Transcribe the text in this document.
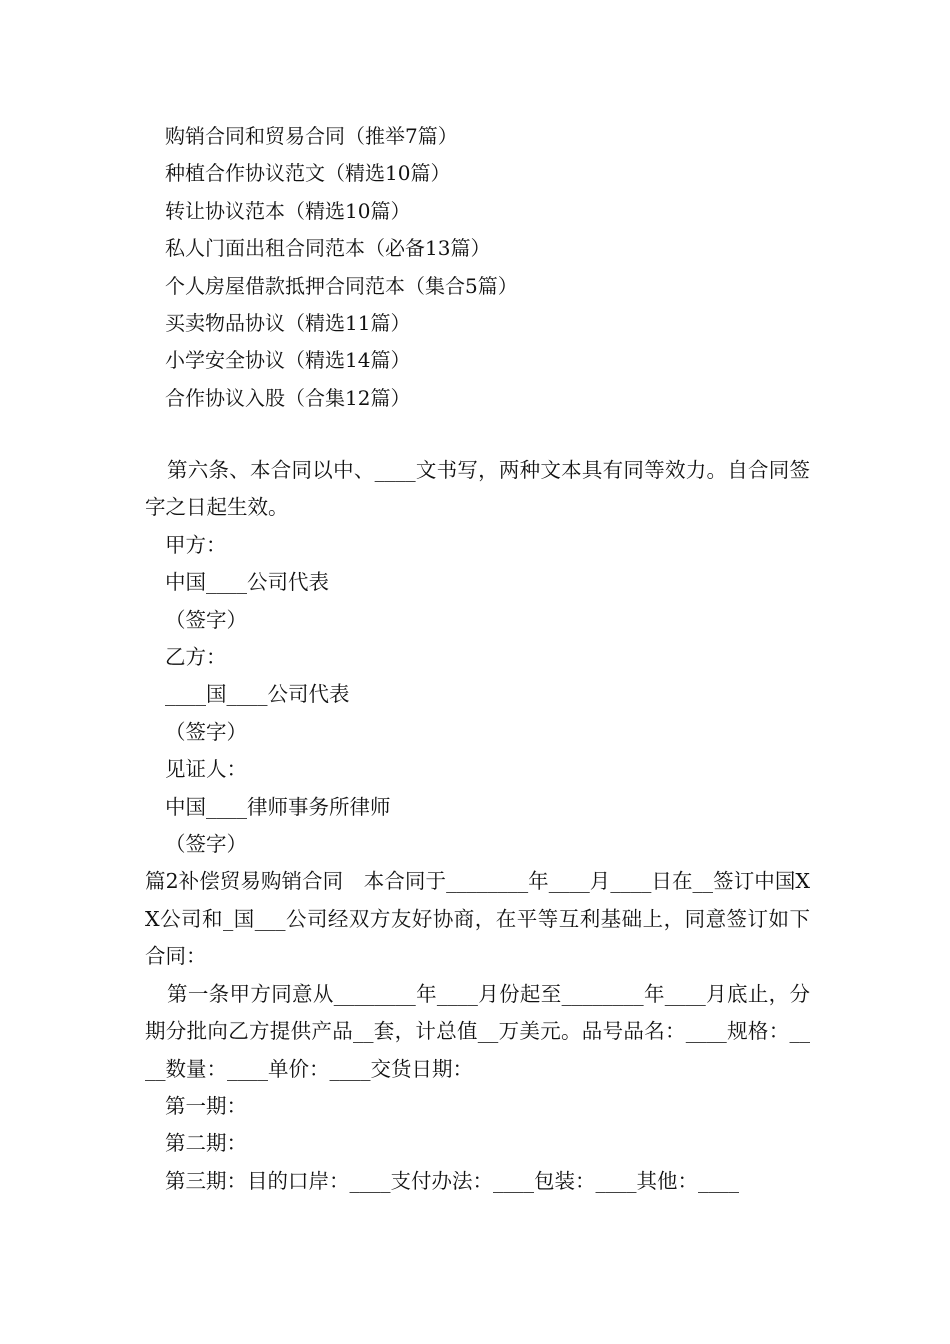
购销合同和贸易合同（推举7篇）
种植合作协议范文（精选10篇）
转让协议范本（精选10篇）
私人门面出租合同范本（必备13篇）
个人房屋借款抵押合同范本（集合5篇）
买卖物品协议（精选11篇）
小学安全协议（精选14篇）
合作协议入股（合集12篇）

第六条、本合同以中、____文书写，两种文本具有同等效力。自合同签字之日起生效。

甲方：

中国____公司代表

（签字）

乙方：

____国____公司代表

（签字）

见证人：

中国____律师事务所律师

（签字）

篇2补偿贸易购销合同　本合同于________年____月____日在__签订中国XX公司和_国___公司经双方友好协商，在平等互利基础上，同意签订如下合同：

第一条甲方同意从________年____月份起至________年____月底止，分期分批向乙方提供产品__套，计总值__万美元。品号品名：____规格：____数量：____单价：____交货日期：

第一期：

第二期：

第三期：目的口岸：____支付办法：____包装：____其他：____
